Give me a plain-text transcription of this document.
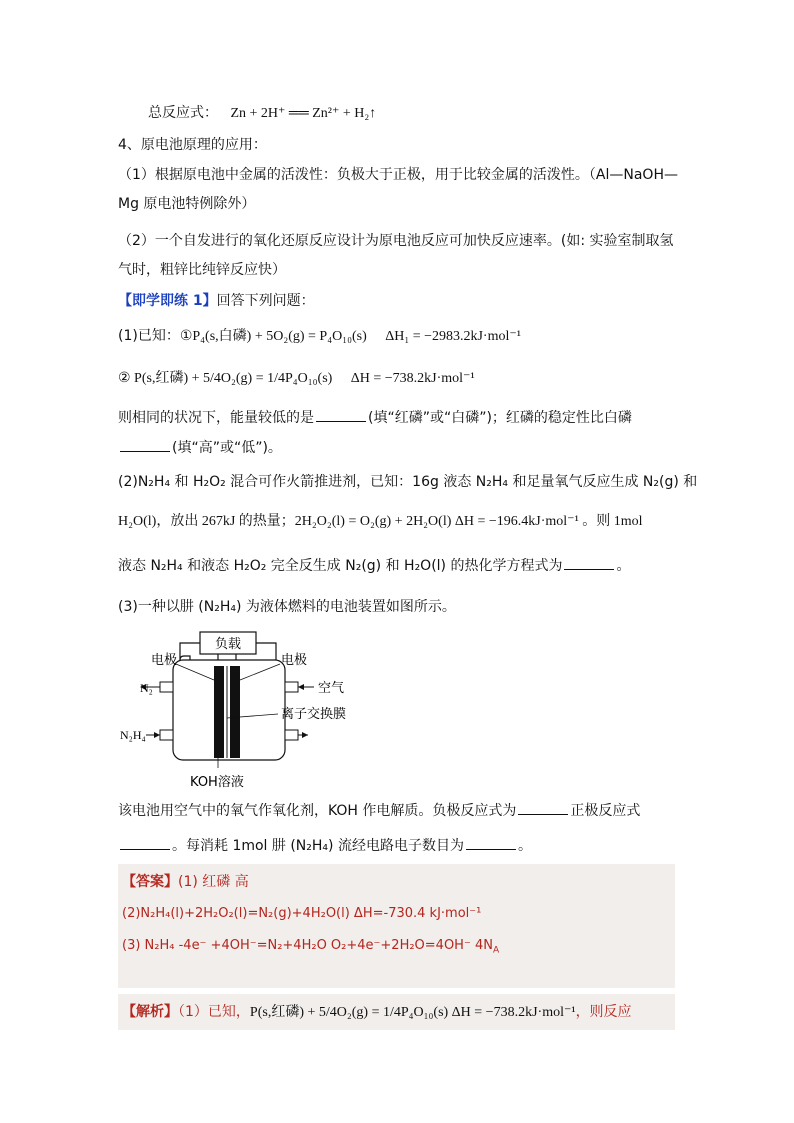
总反应式： Zn + 2H⁺ ══ Zn²⁺ + H₂↑
4、原电池原理的应用：
（1）根据原电池中金属的活泼性：负极大于正极，用于比较金属的活泼性。（Al—NaOH—
Mg 原电池特例除外）
（2）一个自发进行的氧化还原反应设计为原电池反应可加快反应速率。(如: 实验室制取氢
气时，粗锌比纯锌反应快）
【即学即练 1】回答下列问题：
(1)已知：①P₄(s,白磷) + 5O₂(g) = P₄O₁₀(s) ΔH₁ = −2983.2kJ·mol⁻¹
② P(s,红磷) + 5/4O₂(g) = 1/4P₄O₁₀(s) ΔH = −738.2kJ·mol⁻¹
则相同的状况下，能量较低的是	(填“红磷”或“白磷”)；红磷的稳定性比白磷
(填“高”或“低”)。
(2)N₂H₄ 和 H₂O₂ 混合可作火箭推进剂，已知：16g 液态 N₂H₄ 和足量氧气反应生成 N₂(g) 和
H₂O(l)，放出 267kJ 的热量；2H₂O₂(l) = O₂(g) + 2H₂O(l) ΔH = −196.4kJ·mol⁻¹ 。则 1mol
液态 N₂H₄ 和液态 H₂O₂ 完全反生成 N₂(g) 和 H₂O(l) 的热化学方程式为	。
(3)一种以肼 (N₂H₄) 为液体燃料的电池装置如图所示。
负载
电极	电极
N₂	空气
离子交换膜
N₂H₄
KOH溶液
该电池用空气中的氧气作氧化剂，KOH 作电解质。负极反应式为	正极反应式
。每消耗 1mol 肼 (N₂H₄) 流经电路电子数目为	。
【答案】(1) 红磷 高
(2)N₂H₄(l)+2H₂O₂(l)=N₂(g)+4H₂O(l) ΔH=-730.4 kJ·mol⁻¹
(3) N₂H₄ -4e⁻ +4OH⁻=N₂+4H₂O O₂+4e⁻+2H₂O=4OH⁻ $4N_A$
【解析】（1）已知，P(s,红磷) + 5/4O₂(g) = 1/4P₄O₁₀(s) ΔH = −738.2kJ·mol⁻¹，则反应
